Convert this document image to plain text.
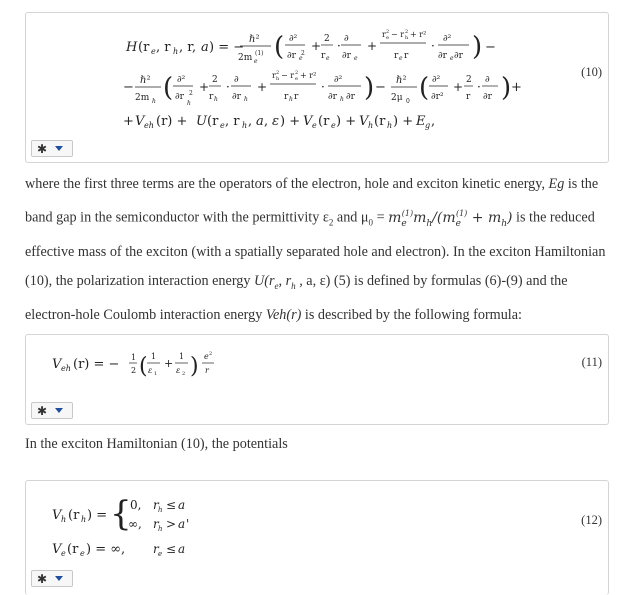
H (r e , r h , r, a ) = −
ℏ²
2m e
(1) ( ∂²
∂r e
2
+ 2
r e
· ∂
∂r e
+
r e
2 − r h
2 + r²
r e r
· ∂²
∂r e ∂r ) −
− ℏ²
2m h ( ∂²
∂r
h
2 + 2
r h
· ∂
∂r h
+
r h
2 − r e
2 + r²
r h r
· ∂²
∂r h ∂r ) − ℏ²
2μ 0 ( ∂²
∂r²
+ 2
r
· ∂
∂r ) +
+ V eh (r) + U (r e , r h , a , ε ) + V e (r e ) + V h (r h ) + E g ,
(10)
✱
where the first three terms are the operators of the electron, hole and exciton kinetic energy, Eg is the band gap in the semiconductor with the permittivity $\varepsilon_2$ and $\mu_0 = m_e^{(1)}m_h/(m_e^{(1)} + m_h)$ is the reduced effective mass of the exciton (with a spatially separated hole and electron). In the exciton Hamiltonian (10), the polarization interaction energy $U(r_e$, $r_h$ , a, ε) (5) is defined by formulas (6)-(9) and the electron-hole Coulomb interaction energy Veh(r) is described by the following formula:
V eh (r) = − 1
2 ( 1
ε 1
+
1
ε 2 ) e 2
r
(11)
✱
In the exciton Hamiltonian (10), the potentials
V h (r h ) = {
0, r h ≤ a
∞, r h > a '
V e (r e ) = ∞, r e ≤ a
(12)
✱
